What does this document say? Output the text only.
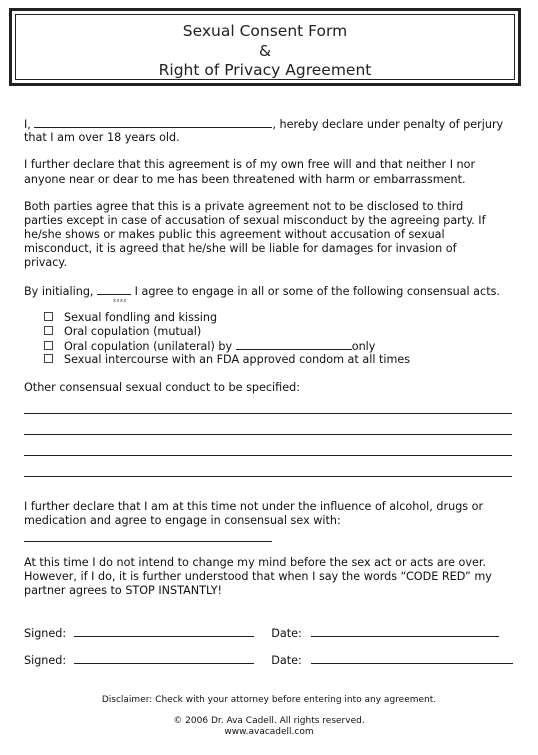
Sexual Consent Form
&
Right of Privacy Agreement
I,	, hereby declare under penalty of perjury
that I am over 18 years old.
I further declare that this agreement is of my own free will and that neither I nor
anyone near or dear to me has been threatened with harm or embarrassment.
Both parties agree that this is a private agreement not to be disclosed to third
parties except in case of accusation of sexual misconduct by the agreeing party. If
he/she shows or makes public this agreement without accusation of sexual
misconduct, it is agreed that he/she will be liable for damages for invasion of
privacy.
By initialing,	I agree to engage in all or some of the following consensual acts.
xxxx
Sexual fondling and kissing
Oral copulation (mutual)
Oral copulation (unilateral) by	only
Sexual intercourse with an FDA approved condom at all times
Other consensual sexual conduct to be specified:
I further declare that I am at this time not under the influence of alcohol, drugs or
medication and agree to engage in consensual sex with:
At this time I do not intend to change my mind before the sex act or acts are over.
However, if I do, it is further understood that when I say the words “CODE RED” my
partner agrees to STOP INSTANTLY!
Signed:	Date:
Signed:	Date:
Disclaimer: Check with your attorney before entering into any agreement.
© 2006 Dr. Ava Cadell. All rights reserved.
www.avacadell.com
